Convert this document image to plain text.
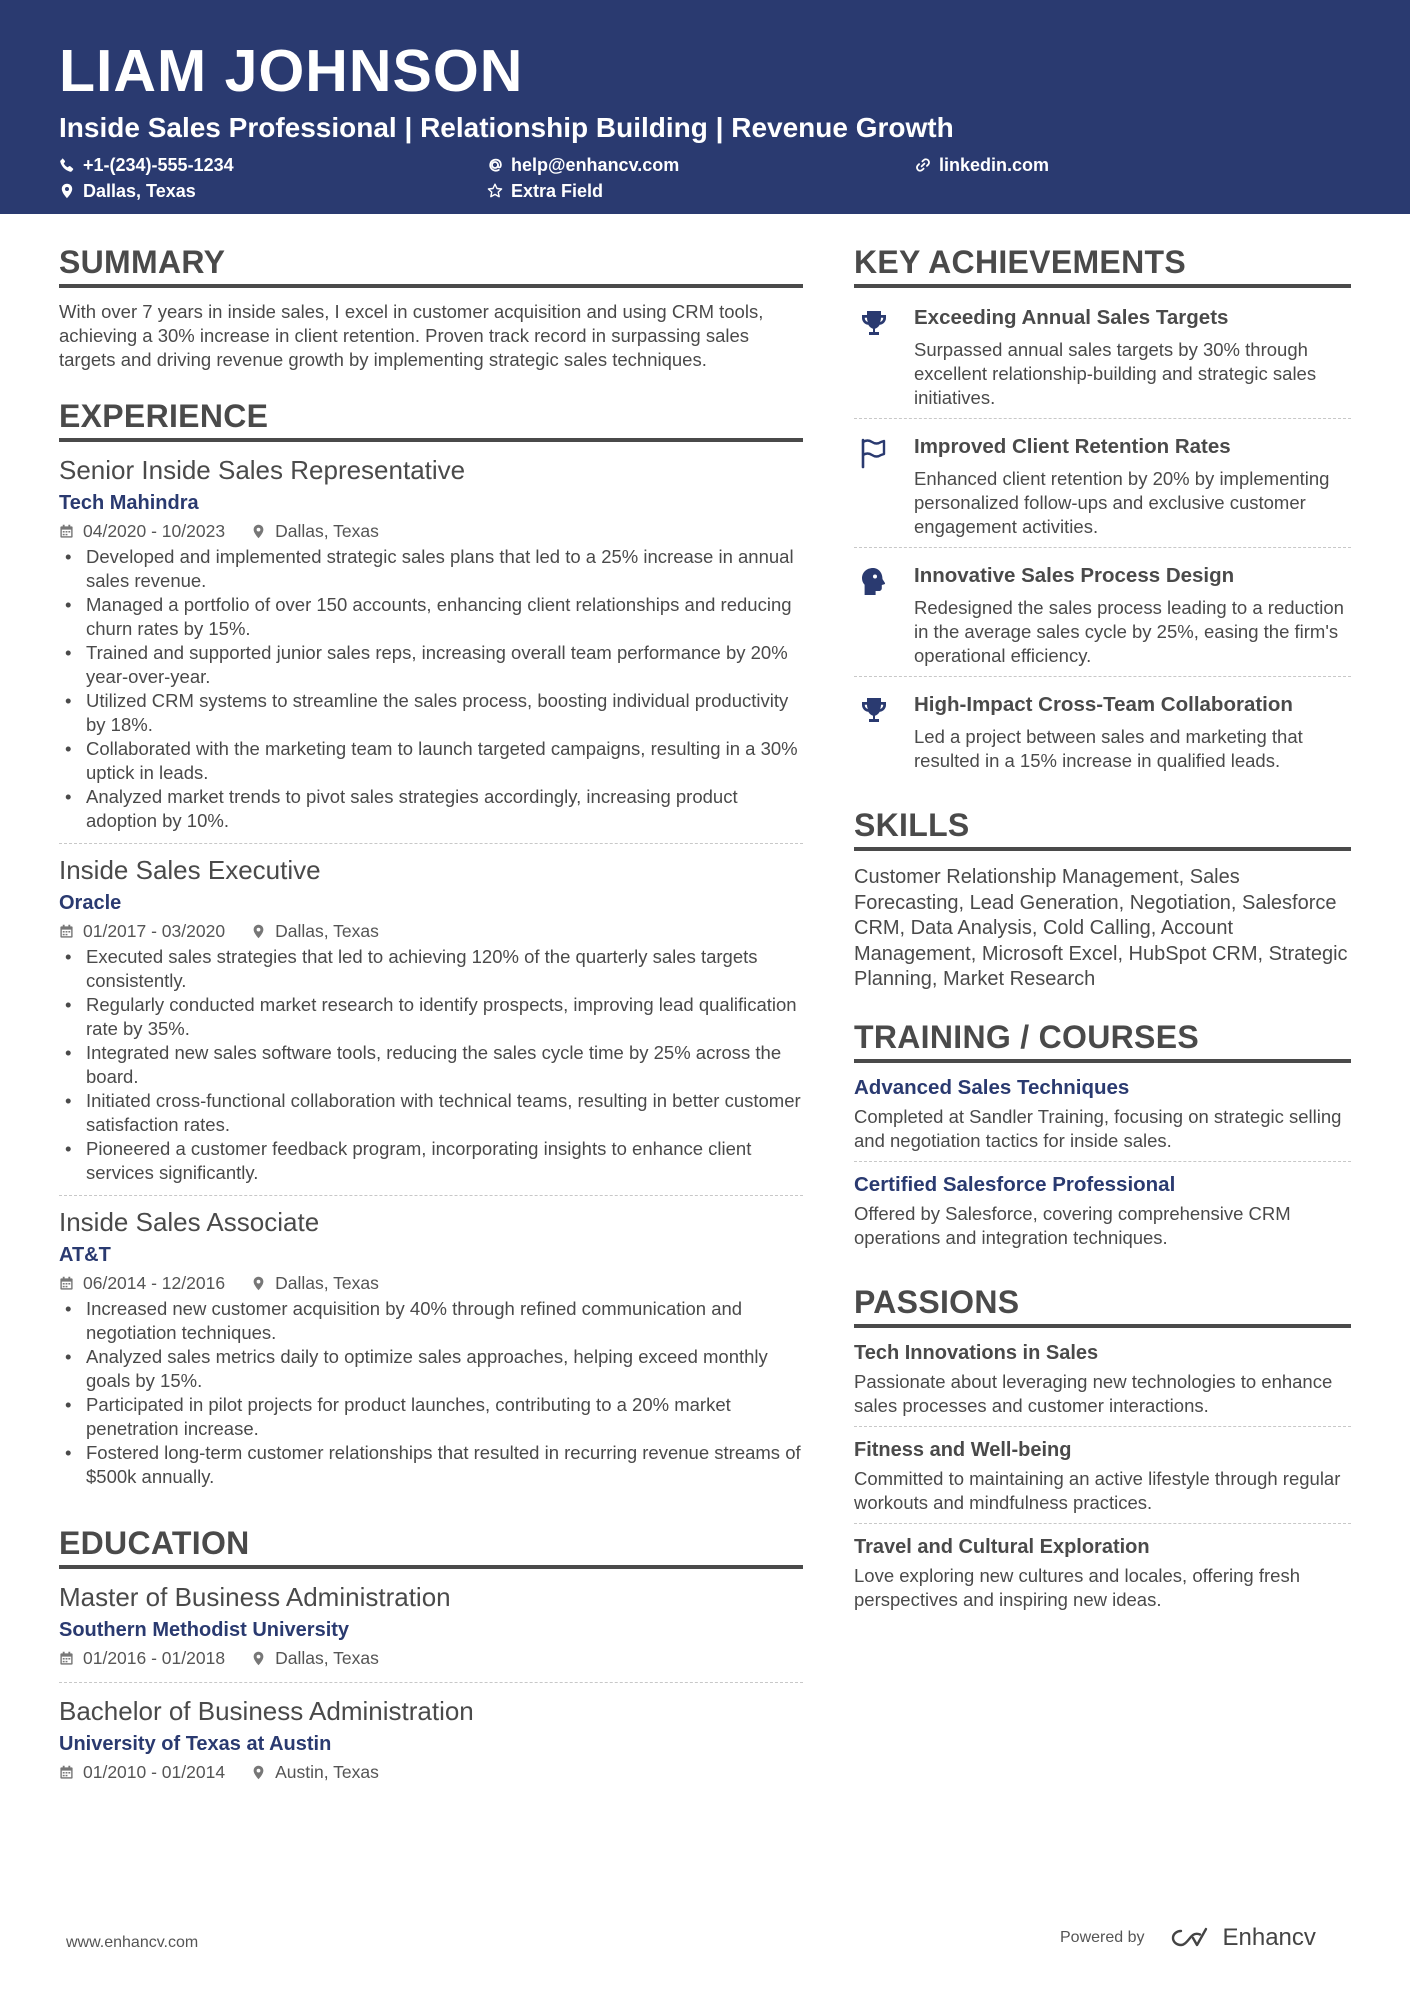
LIAM JOHNSON
Inside Sales Professional | Relationship Building | Revenue Growth
+1-(234)-555-1234	help@enhancv.com	linkedin.com
Dallas, Texas	Extra Field
SUMMARY

With over 7 years in inside sales, I excel in customer acquisition and using CRM tools, achieving a 30% increase in client retention. Proven track record in surpassing sales targets and driving revenue growth by implementing strategic sales techniques.

EXPERIENCE
Senior Inside Sales Representative
Tech Mahindra
04/2020 - 10/2023	Dallas, Texas
• Developed and implemented strategic sales plans that led to a 25% increase in annual sales revenue.
• Managed a portfolio of over 150 accounts, enhancing client relationships and reducing churn rates by 15%.
• Trained and supported junior sales reps, increasing overall team performance by 20% year-over-year.
• Utilized CRM systems to streamline the sales process, boosting individual productivity by 18%.
• Collaborated with the marketing team to launch targeted campaigns, resulting in a 30% uptick in leads.
• Analyzed market trends to pivot sales strategies accordingly, increasing product adoption by 10%.
Inside Sales Executive
Oracle
01/2017 - 03/2020	Dallas, Texas
• Executed sales strategies that led to achieving 120% of the quarterly sales targets consistently.
• Regularly conducted market research to identify prospects, improving lead qualification rate by 35%.
• Integrated new sales software tools, reducing the sales cycle time by 25% across the board.
• Initiated cross-functional collaboration with technical teams, resulting in better customer satisfaction rates.
• Pioneered a customer feedback program, incorporating insights to enhance client services significantly.
Inside Sales Associate
AT&T
06/2014 - 12/2016	Dallas, Texas
• Increased new customer acquisition by 40% through refined communication and negotiation techniques.
• Analyzed sales metrics daily to optimize sales approaches, helping exceed monthly goals by 15%.
• Participated in pilot projects for product launches, contributing to a 20% market penetration increase.
• Fostered long-term customer relationships that resulted in recurring revenue streams of $500k annually.
EDUCATION
Master of Business Administration
Southern Methodist University
01/2016 - 01/2018	Dallas, Texas
Bachelor of Business Administration
University of Texas at Austin
01/2010 - 01/2014	Austin, Texas
KEY ACHIEVEMENTS
Exceeding Annual Sales Targets

Surpassed annual sales targets by 30% through excellent relationship-building and strategic sales initiatives.

Improved Client Retention Rates

Enhanced client retention by 20% by implementing personalized follow-ups and exclusive customer engagement activities.

Innovative Sales Process Design

Redesigned the sales process leading to a reduction in the average sales cycle by 25%, easing the firm's operational efficiency.

High-Impact Cross-Team Collaboration

Led a project between sales and marketing that resulted in a 15% increase in qualified leads.

SKILLS

Customer Relationship Management, Sales Forecasting, Lead Generation, Negotiation, Salesforce CRM, Data Analysis, Cold Calling, Account Management, Microsoft Excel, HubSpot CRM, Strategic Planning, Market Research

TRAINING / COURSES
Advanced Sales Techniques

Completed at Sandler Training, focusing on strategic selling and negotiation tactics for inside sales.

Certified Salesforce Professional

Offered by Salesforce, covering comprehensive CRM operations and integration techniques.

PASSIONS
Tech Innovations in Sales

Passionate about leveraging new technologies to enhance sales processes and customer interactions.

Fitness and Well-being

Committed to maintaining an active lifestyle through regular workouts and mindfulness practices.

Travel and Cultural Exploration

Love exploring new cultures and locales, offering fresh perspectives and inspiring new ideas.

www.enhancv.com	Powered by	Enhancv
